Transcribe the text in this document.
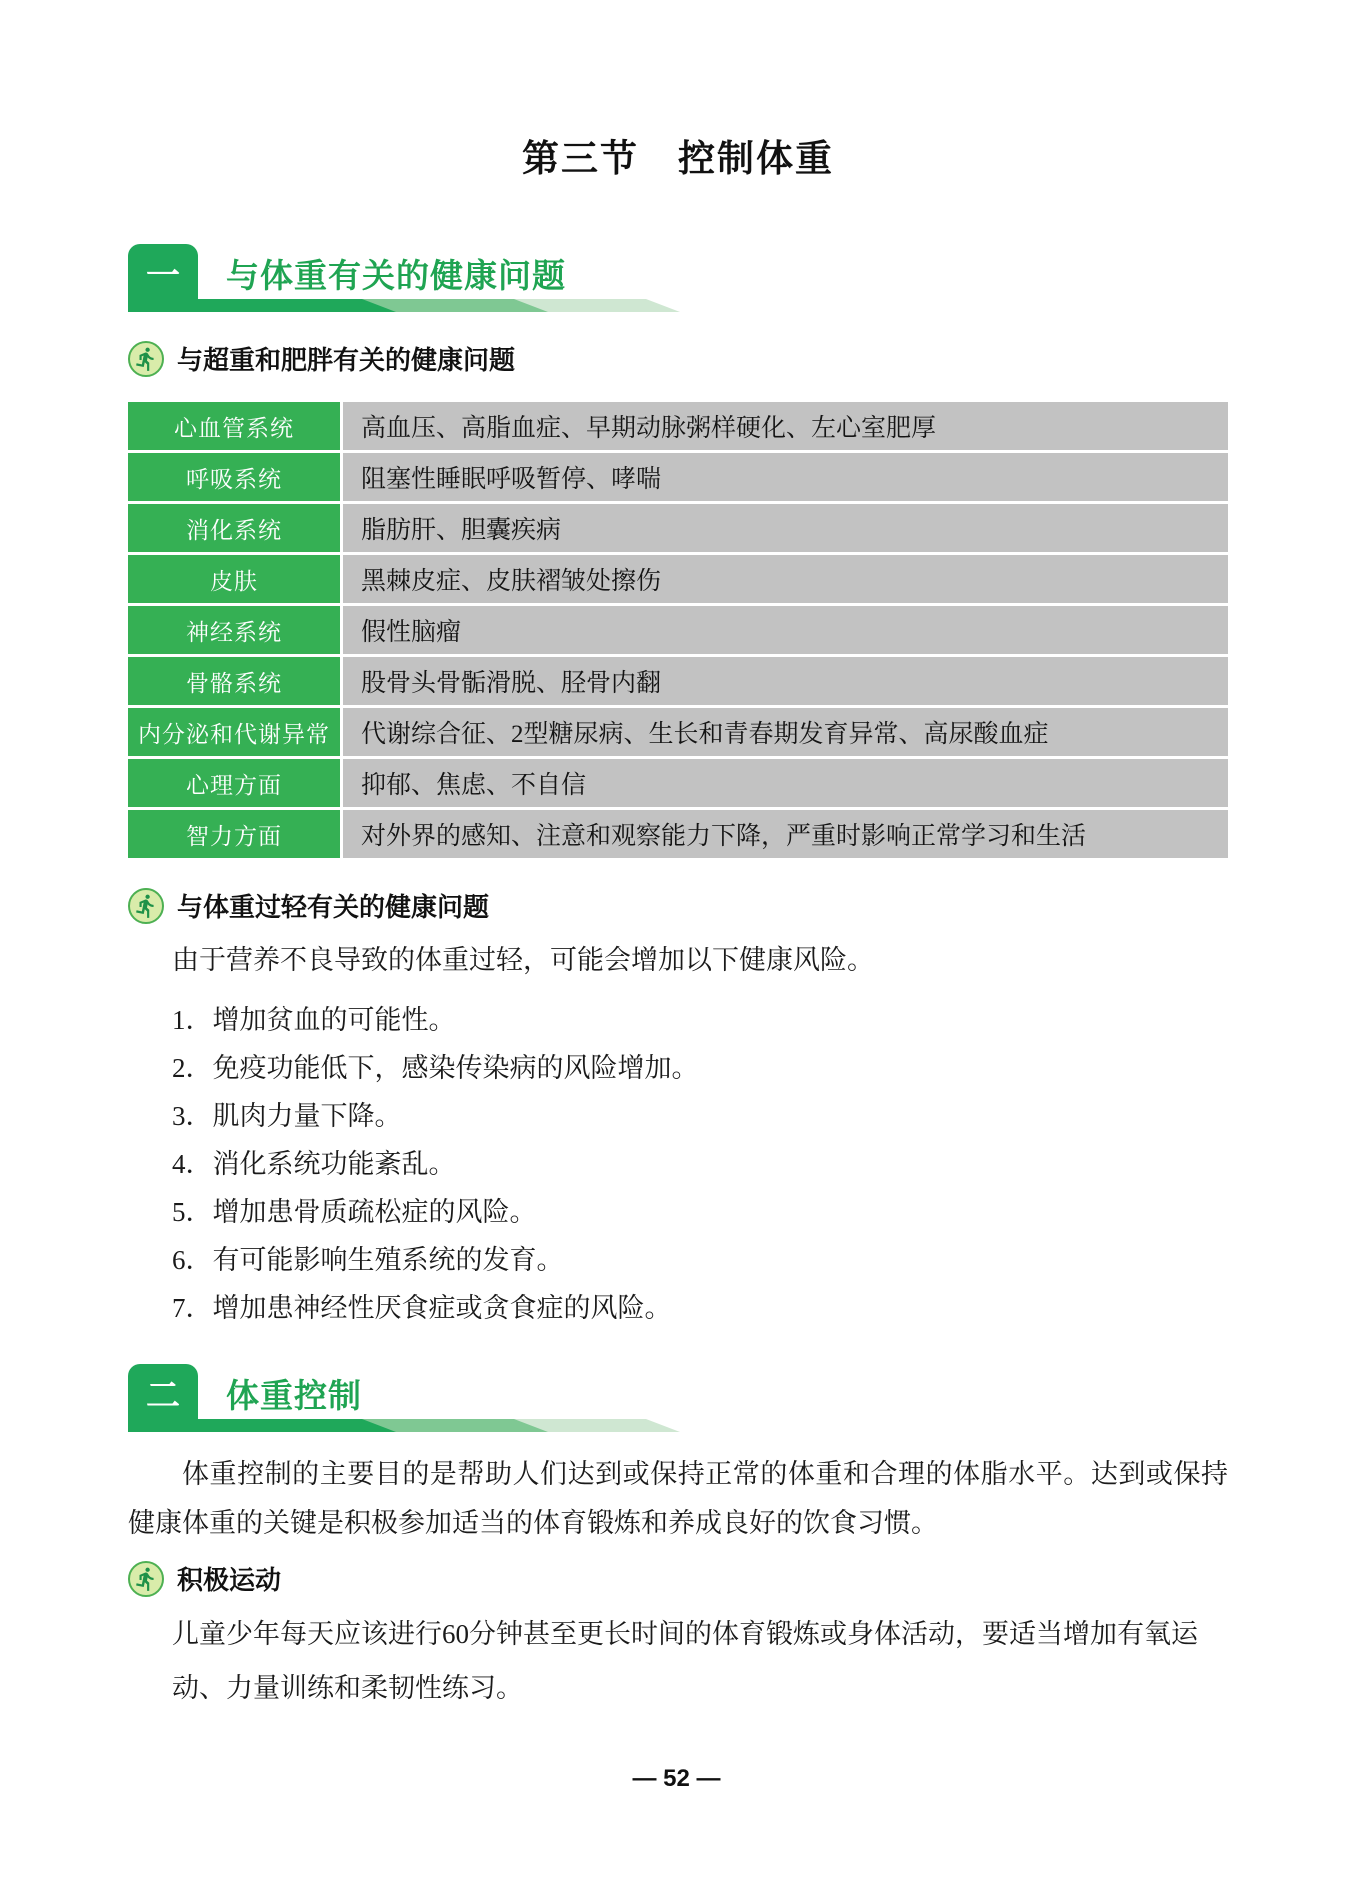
第三节　控制体重
一 与体重有关的健康问题
与超重和肥胖有关的健康问题
心血管系统	高血压、高脂血症、早期动脉粥样硬化、左心室肥厚
呼吸系统	阻塞性睡眠呼吸暂停、哮喘
消化系统	脂肪肝、胆囊疾病
皮肤	黑棘皮症、皮肤褶皱处擦伤
神经系统	假性脑瘤
骨骼系统	股骨头骨骺滑脱、胫骨内翻
内分泌和代谢异常	代谢综合征、2型糖尿病、生长和青春期发育异常、高尿酸血症
心理方面	抑郁、焦虑、不自信
智力方面	对外界的感知、注意和观察能力下降，严重时影响正常学习和生活
与体重过轻有关的健康问题

由于营养不良导致的体重过轻，可能会增加以下健康风险。

1．增加贫血的可能性。
2．免疫功能低下，感染传染病的风险增加。
3．肌肉力量下降。
4．消化系统功能紊乱。
5．增加患骨质疏松症的风险。
6．有可能影响生殖系统的发育。
7．增加患神经性厌食症或贪食症的风险。
二 体重控制

体重控制的主要目的是帮助人们达到或保持正常的体重和合理的体脂水平。达到或保持健康体重的关键是积极参加适当的体育锻炼和养成良好的饮食习惯。

积极运动

儿童少年每天应该进行60分钟甚至更长时间的体育锻炼或身体活动，要适当增加有氧运动、力量训练和柔韧性练习。

— 52 —
